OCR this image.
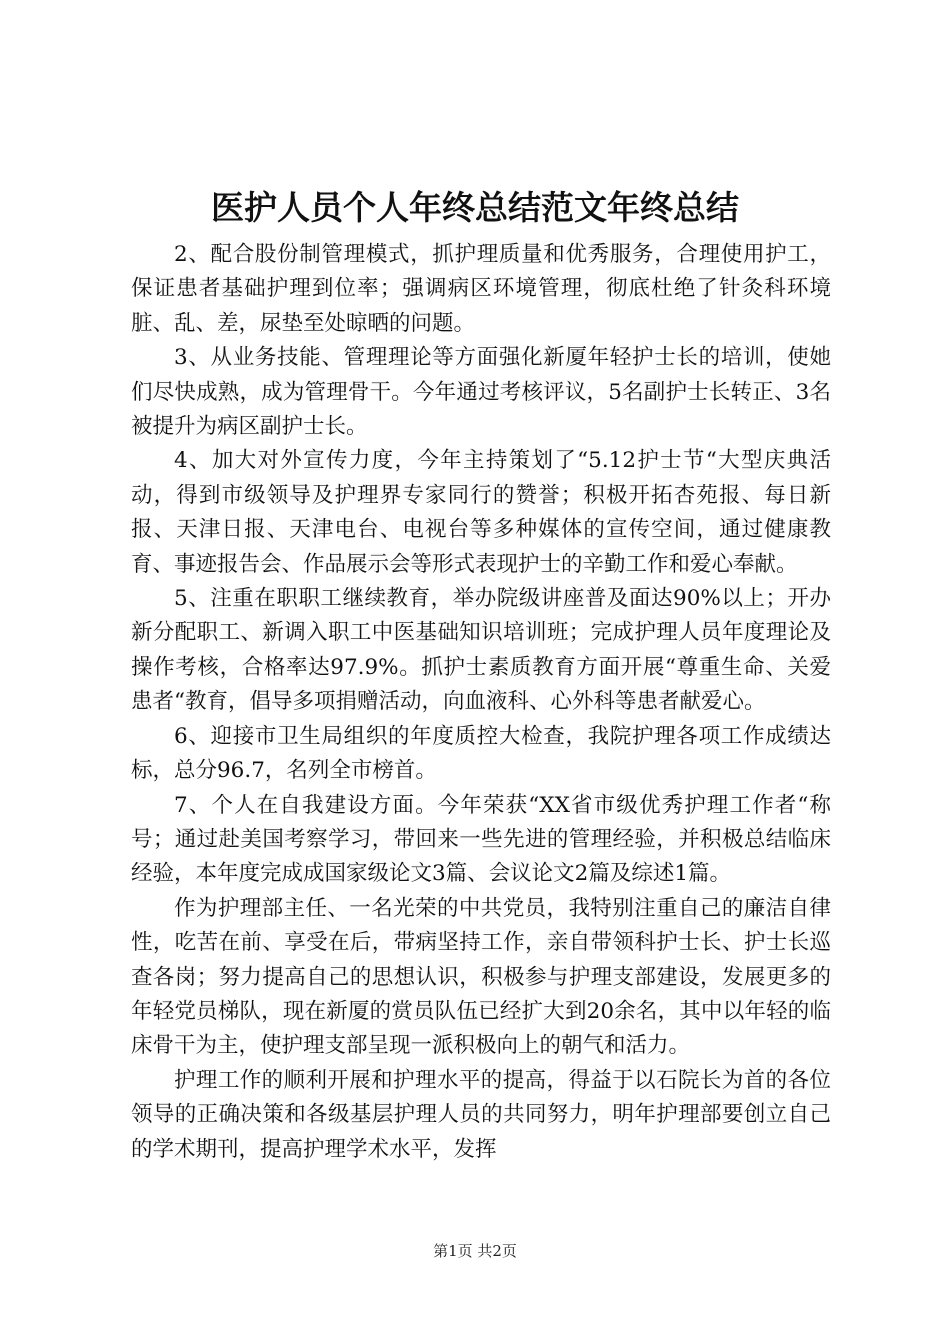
医护人员个人年终总结范文年终总结

2、配合股份制管理模式，抓护理质量和优秀服务，合理使用护工，保证患者基础护理到位率；强调病区环境管理，彻底杜绝了针灸科环境脏、乱、差，尿垫至处晾晒的问题。

3、从业务技能、管理理论等方面强化新厦年轻护士长的培训，使她们尽快成熟，成为管理骨干。今年通过考核评议，5名副护士长转正、3名被提升为病区副护士长。

4、加大对外宣传力度，今年主持策划了“5.12护士节“大型庆典活动，得到市级领导及护理界专家同行的赞誉；积极开拓杏苑报、每日新报、天津日报、天津电台、电视台等多种媒体的宣传空间，通过健康教育、事迹报告会、作品展示会等形式表现护士的辛勤工作和爱心奉献。

5、注重在职职工继续教育，举办院级讲座普及面达90%以上；开办新分配职工、新调入职工中医基础知识培训班；完成护理人员年度理论及操作考核，合格率达97.9%。抓护士素质教育方面开展“尊重生命、关爱患者“教育，倡导多项捐赠活动，向血液科、心外科等患者献爱心。

6、迎接市卫生局组织的年度质控大检查，我院护理各项工作成绩达标，总分96.7，名列全市榜首。

7、个人在自我建设方面。今年荣获“XX省市级优秀护理工作者“称号；通过赴美国考察学习，带回来一些先进的管理经验，并积极总结临床经验，本年度完成成国家级论文3篇、会议论文2篇及综述1篇。

作为护理部主任、一名光荣的中共党员，我特别注重自己的廉洁自律性，吃苦在前、享受在后，带病坚持工作，亲自带领科护士长、护士长巡查各岗；努力提高自己的思想认识，积极参与护理支部建设，发展更多的年轻党员梯队，现在新厦的赏员队伍已经扩大到20余名，其中以年轻的临床骨干为主，使护理支部呈现一派积极向上的朝气和活力。

护理工作的顺利开展和护理水平的提高，得益于以石院长为首的各位领导的正确决策和各级基层护理人员的共同努力，明年护理部要创立自己的学术期刊，提高护理学术水平，发挥

第1页 共2页
